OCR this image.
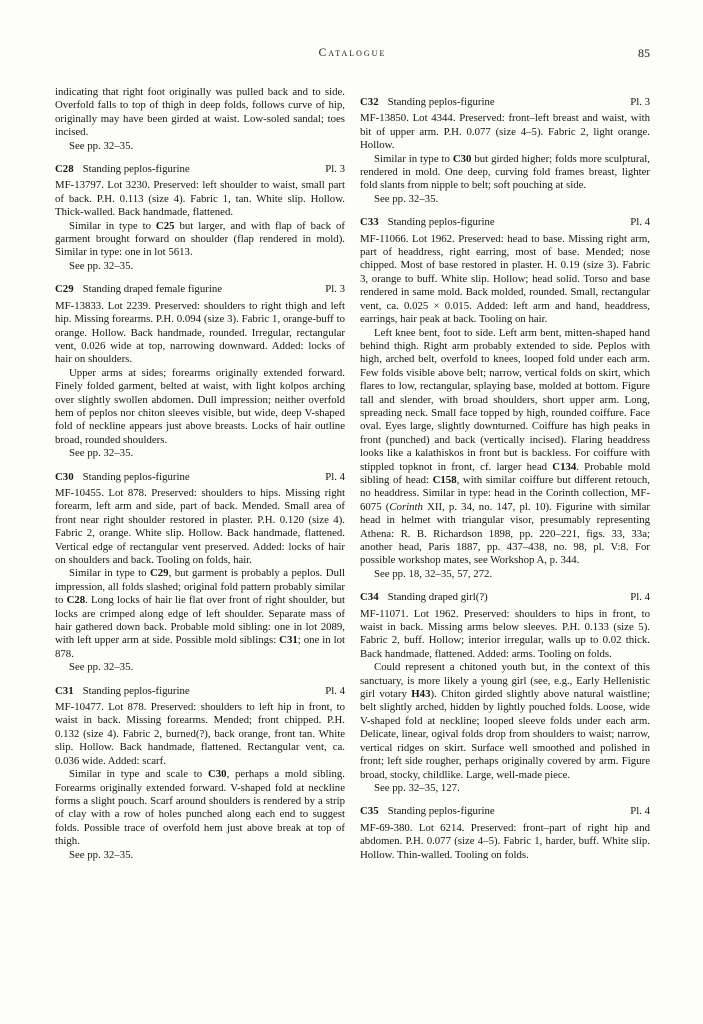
Catalogue	85

indicating that right foot originally was pulled back and to side. Overfold falls to top of thigh in deep folds, follows curve of hip, originally may have been girded at waist. Low-soled sandal; toes incised.

See pp. 32–35.

C28 Standing peplos-figurine	Pl. 3

MF-13797. Lot 3230. Preserved: left shoulder to waist, small part of back. P.H. 0.113 (size 4). Fabric 1, tan. White slip. Hollow. Thick-walled. Back handmade, flattened.

Similar in type to C25 but larger, and with flap of back of garment brought forward on shoulder (flap rendered in mold). Similar in type: one in lot 5613.

See pp. 32–35.

C29 Standing draped female figurine	Pl. 3

MF-13833. Lot 2239. Preserved: shoulders to right thigh and left hip. Missing forearms. P.H. 0.094 (size 3). Fabric 1, orange-buff to orange. Hollow. Back handmade, rounded. Irregular, rectangular vent, 0.026 wide at top, narrowing downward. Added: locks of hair on shoulders.

Upper arms at sides; forearms originally extended forward. Finely folded garment, belted at waist, with light kolpos arching over slightly swollen abdomen. Dull impression; neither overfold hem of peplos nor chiton sleeves visible, but wide, deep V-shaped fold of neckline appears just above breasts. Locks of hair outline broad, rounded shoulders.

See pp. 32–35.

C30 Standing peplos-figurine	Pl. 4

MF-10455. Lot 878. Preserved: shoulders to hips. Missing right forearm, left arm and side, part of back. Mended. Small area of front near right shoulder restored in plaster. P.H. 0.120 (size 4). Fabric 2, orange. White slip. Hollow. Back handmade, flattened. Vertical edge of rectangular vent preserved. Added: locks of hair on shoulders and back. Tooling on folds, hair.

Similar in type to C29, but garment is probably a peplos. Dull impression, all folds slashed; original fold pattern probably similar to C28. Long locks of hair lie flat over front of right shoulder, but locks are crimped along edge of left shoulder. Separate mass of hair gathered down back. Probable mold sibling: one in lot 2089, with left upper arm at side. Possible mold siblings: C31; one in lot 878.

See pp. 32–35.

C31 Standing peplos-figurine	Pl. 4

MF-10477. Lot 878. Preserved: shoulders to left hip in front, to waist in back. Missing forearms. Mended; front chipped. P.H. 0.132 (size 4). Fabric 2, burned(?), back orange, front tan. White slip. Hollow. Back handmade, flattened. Rectangular vent, ca. 0.036 wide. Added: scarf.

Similar in type and scale to C30, perhaps a mold sibling. Forearms originally extended forward. V-shaped fold at neckline forms a slight pouch. Scarf around shoulders is rendered by a strip of clay with a row of holes punched along each end to suggest folds. Possible trace of overfold hem just above break at top of thigh.

See pp. 32–35.

C32 Standing peplos-figurine	Pl. 3

MF-13850. Lot 4344. Preserved: front–left breast and waist, with bit of upper arm. P.H. 0.077 (size 4–5). Fabric 2, light orange. Hollow.

Similar in type to C30 but girded higher; folds more sculptural, rendered in mold. One deep, curving fold frames breast, lighter fold slants from nipple to belt; soft pouching at side.

See pp. 32–35.

C33 Standing peplos-figurine	Pl. 4

MF-11066. Lot 1962. Preserved: head to base. Missing right arm, part of headdress, right earring, most of base. Mended; nose chipped. Most of base restored in plaster. H. 0.19 (size 3). Fabric 3, orange to buff. White slip. Hollow; head solid. Torso and base rendered in same mold. Back molded, rounded. Small, rectangular vent, ca. 0.025 × 0.015. Added: left arm and hand, headdress, earrings, hair peak at back. Tooling on hair.

Left knee bent, foot to side. Left arm bent, mitten-shaped hand behind thigh. Right arm probably extended to side. Peplos with high, arched belt, overfold to knees, looped fold under each arm. Few folds visible above belt; narrow, vertical folds on skirt, which flares to low, rectangular, splaying base, molded at bottom. Figure tall and slender, with broad shoulders, short upper arm. Long, spreading neck. Small face topped by high, rounded coiffure. Face oval. Eyes large, slightly downturned. Coiffure has high peaks in front (punched) and back (vertically incised). Flaring headdress looks like a kalathiskos in front but is backless. For coiffure with stippled topknot in front, cf. larger head C134. Probable mold sibling of head: C158, with similar coiffure but different retouch, no headdress. Similar in type: head in the Corinth collection, MF-6075 (Corinth XII, p. 34, no. 147, pl. 10). Figurine with similar head in helmet with triangular visor, presumably representing Athena: R. B. Richardson 1898, pp. 220–221, figs. 33, 33a; another head, Paris 1887, pp. 437–438, no. 98, pl. V:8. For possible workshop mates, see Workshop A, p. 344.

See pp. 18, 32–35, 57, 272.

C34 Standing draped girl(?)	Pl. 4

MF-11071. Lot 1962. Preserved: shoulders to hips in front, to waist in back. Missing arms below sleeves. P.H. 0.133 (size 5). Fabric 2, buff. Hollow; interior irregular, walls up to 0.02 thick. Back handmade, flattened. Added: arms. Tooling on folds.

Could represent a chitoned youth but, in the context of this sanctuary, is more likely a young girl (see, e.g., Early Hellenistic girl votary H43). Chiton girded slightly above natural waistline; belt slightly arched, hidden by lightly pouched folds. Loose, wide V-shaped fold at neckline; looped sleeve folds under each arm. Delicate, linear, ogival folds drop from shoulders to waist; narrow, vertical ridges on skirt. Surface well smoothed and polished in front; left side rougher, perhaps originally covered by arm. Figure broad, stocky, childlike. Large, well-made piece.

See pp. 32–35, 127.

C35 Standing peplos-figurine	Pl. 4

MF-69-380. Lot 6214. Preserved: front–part of right hip and abdomen. P.H. 0.077 (size 4–5). Fabric 1, harder, buff. White slip. Hollow. Thin-walled. Tooling on folds.
